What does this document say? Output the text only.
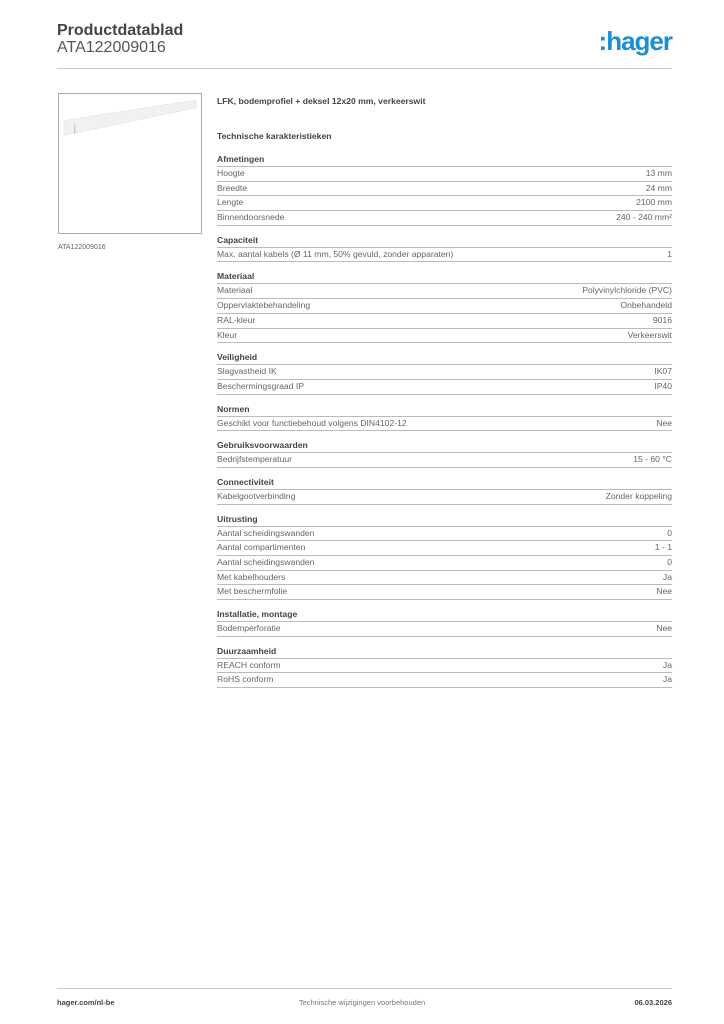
Productdatablad
ATA122009016	:hager
ATA122009016
LFK, bodemprofiel + deksel 12x20 mm, verkeerswit
Technische karakteristieken
Afmetingen
Hoogte	13 mm
Breedte	24 mm
Lengte	2100 mm
Binnendoorsnede	240 - 240 mm²
Capaciteit
Max. aantal kabels (Ø 11 mm, 50% gevuld, zonder apparaten)	1
Materiaal
Materiaal	Polyvinylchloride (PVC)
Oppervlaktebehandeling	Onbehandeld
RAL-kleur	9016
Kleur	Verkeerswit
Veiligheid
Slagvastheid IK	IK07
Beschermingsgraad IP	IP40
Normen
Geschikt voor functiebehoud volgens DIN4102-12	Nee
Gebruiksvoorwaarden
Bedrijfstemperatuur	15 - 60 °C
Connectiviteit
Kabelgootverbinding	Zonder koppeling
Uitrusting
Aantal scheidingswanden	0
Aantal compartimenten	1 - 1
Aantal scheidingswanden	0
Met kabelhouders	Ja
Met beschermfolie	Nee
Installatie, montage
Bodemperforatie	Nee
Duurzaamheid
REACH conform	Ja
RoHS conform	Ja
hager.com/nl-be	Technische wijzigingen voorbehouden	06.03.2026
